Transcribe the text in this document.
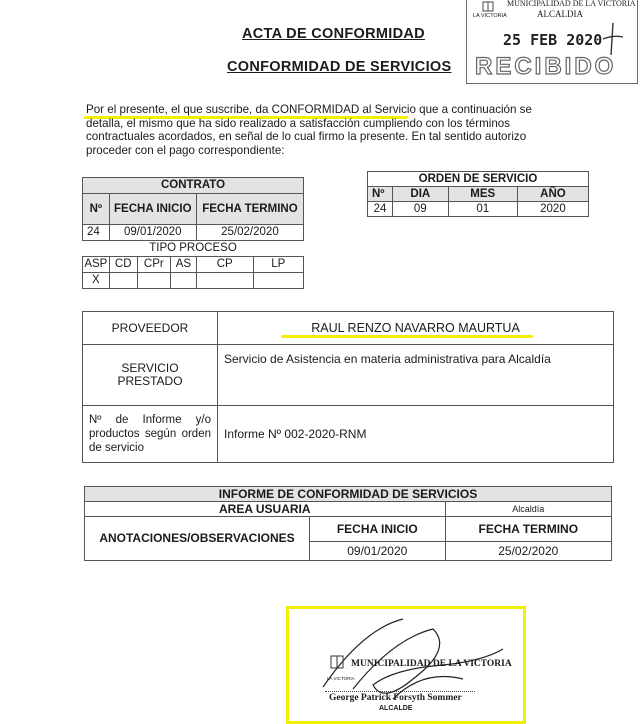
LA VICTORIA
MUNICIPALIDAD DE LA VICTORIA
ALCALDIA
25 FEB 2020
RECIBIDO
ACTA DE CONFORMIDAD
CONFORMIDAD DE SERVICIOS
Por el presente, el que suscribe, da CONFORMIDAD al Servicio que a continuación se
detalla, el mismo que ha sido realizado a satisfacción cumpliendo con los términos
contractuales acordados, en señal de lo cual firmo la presente. En tal sentido autorizo
proceder con el pago correspondiente:
CONTRATO					
Nº	FECHA INICIO			FECHA TERMINO	
24	09/01/2020			25/02/2020	
TIPO PROCESO					
ASP	CD	CPr	AS	CP	LP
X					
ORDEN DE SERVICIO			
Nº	DIA	MES	AÑO
24	09	01	2020
PROVEEDOR	RAUL RENZO NAVARRO MAURTUA
SERVICIO PRESTADO	Servicio de Asistencia en materia administrativa para Alcaldía
Nº de Informe y/o productos según orden de servicio	Informe Nº 002-2020-RNM
INFORME DE CONFORMIDAD DE SERVICIOS		
AREA USUARIA		Alcaldía
ANOTACIONES/OBSERVACIONES	FECHA INICIO	FECHA TERMINO
	09/01/2020	25/02/2020
LA VICTORIA
MUNICIPALIDAD DE LA VICTORIA
George Patrick Forsyth Sommer
ALCALDE
